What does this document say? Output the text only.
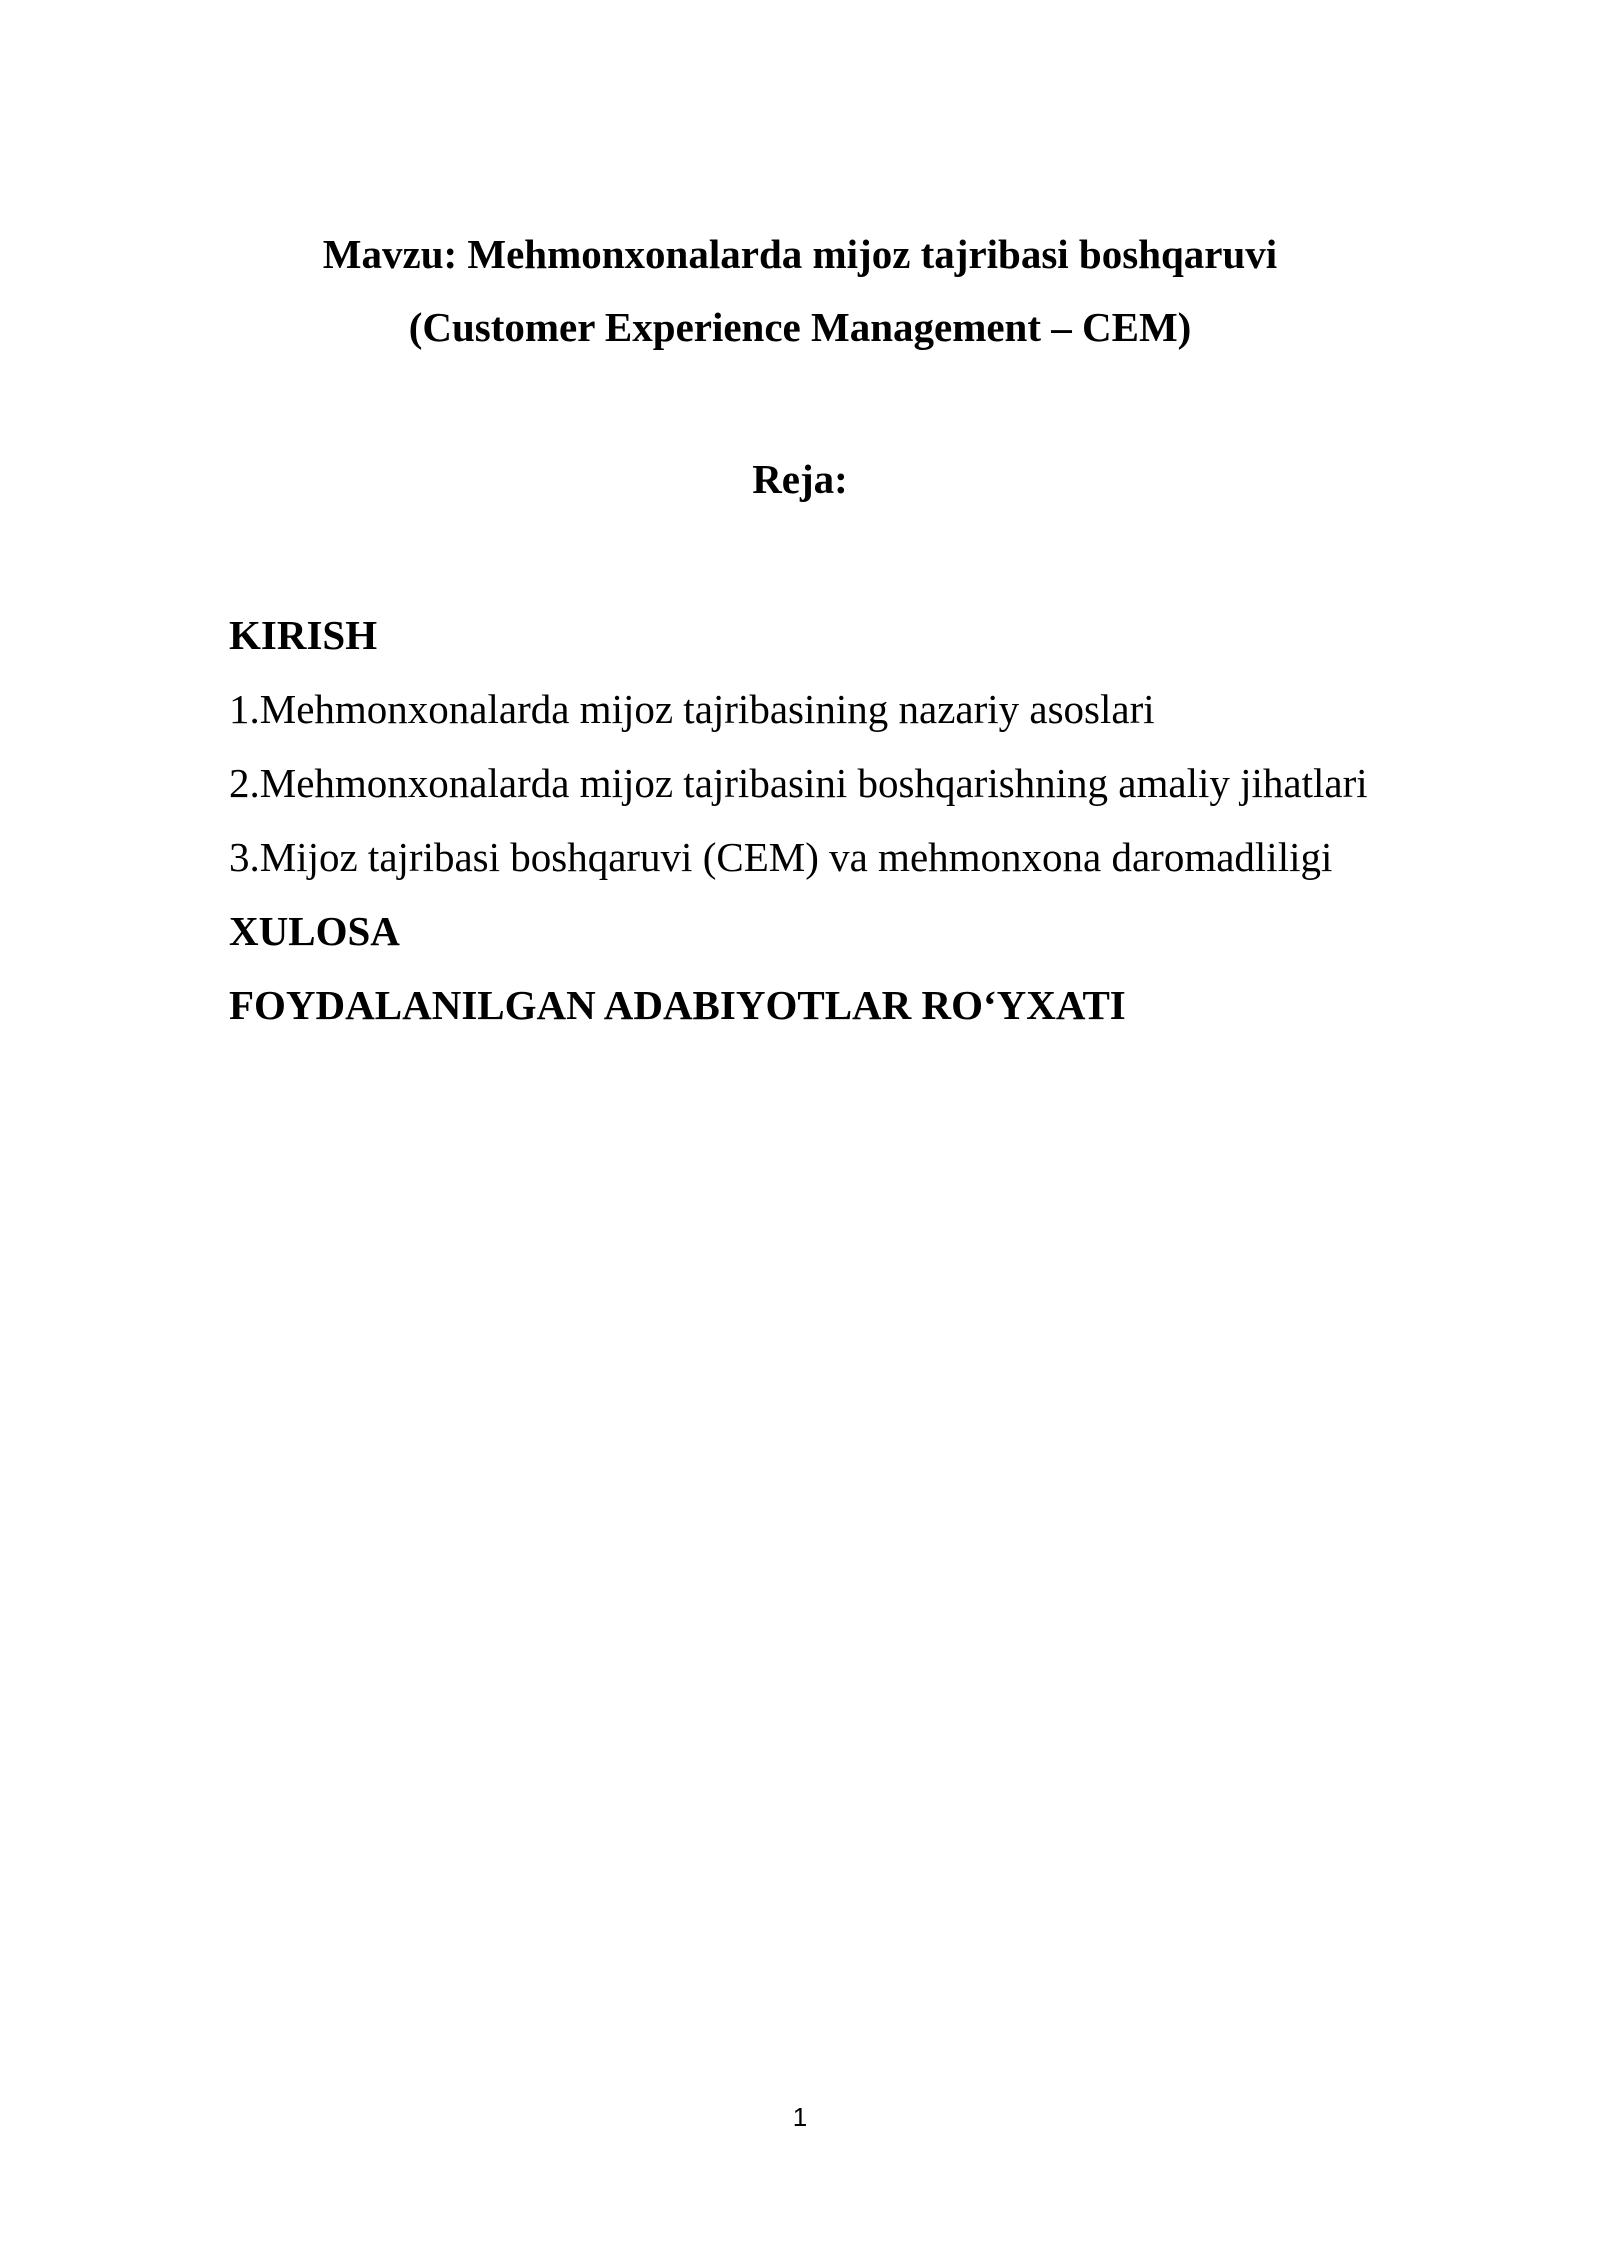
Mavzu: Mehmonxonalarda mijoz tajribasi boshqaruvi
(Customer Experience Management – CEM)
Reja:
KIRISH
1.Mehmonxonalarda mijoz tajribasining nazariy asoslari
2.Mehmonxonalarda mijoz tajribasini boshqarishning amaliy jihatlari
3.Mijoz tajribasi boshqaruvi (CEM) va mehmonxona daromadliligi
XULOSA
FOYDALANILGAN ADABIYOTLAR RO‘YXATI
1
